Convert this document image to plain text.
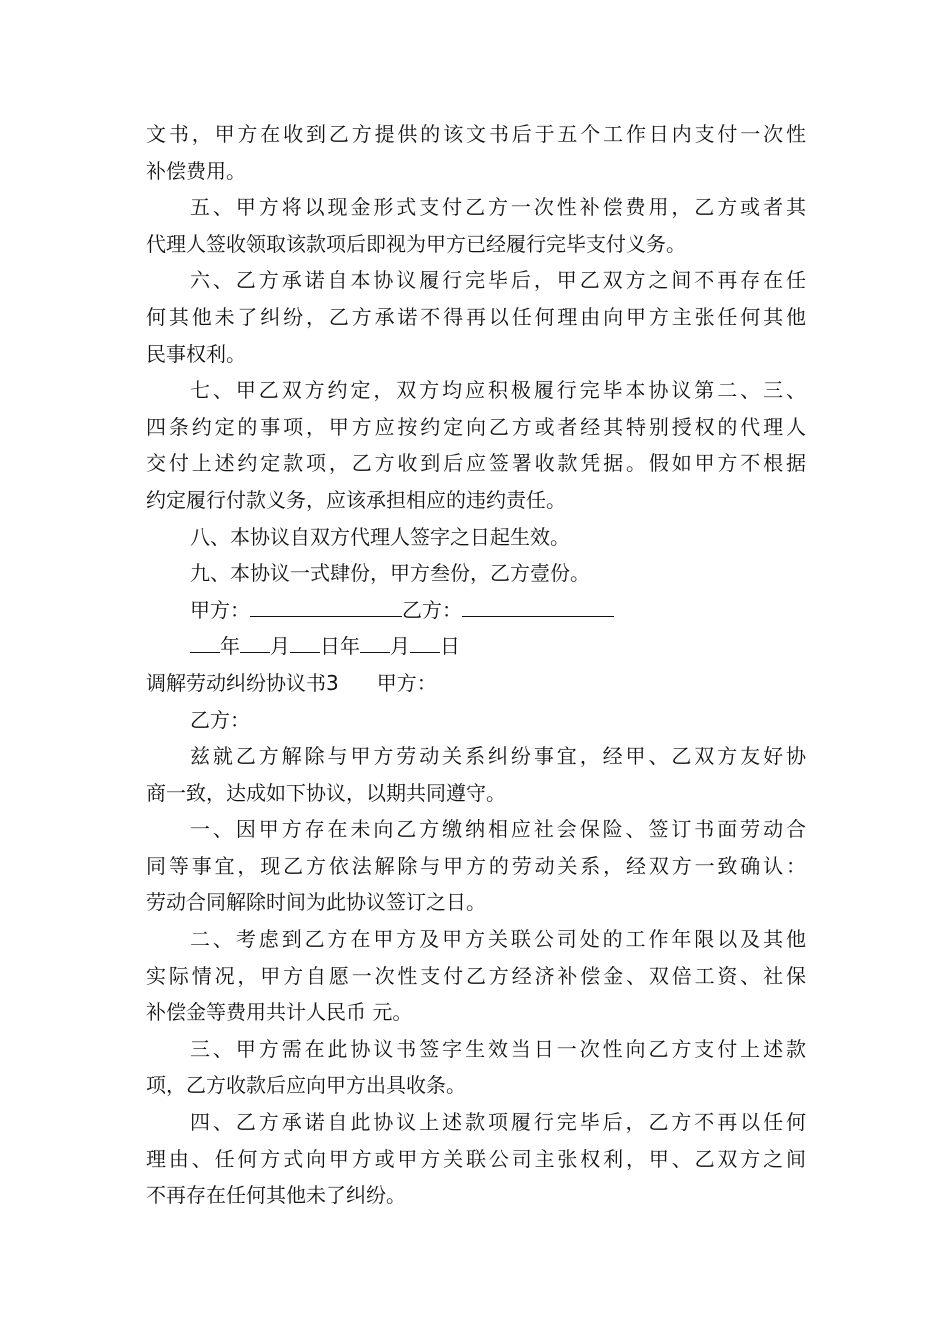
文书，甲方在收到乙方提供的该文书后于五个工作日内支付一次性
补偿费用。
五、甲方将以现金形式支付乙方一次性补偿费用，乙方或者其
代理人签收领取该款项后即视为甲方已经履行完毕支付义务。
六、乙方承诺自本协议履行完毕后，甲乙双方之间不再存在任
何其他未了纠纷，乙方承诺不得再以任何理由向甲方主张任何其他
民事权利。
七、甲乙双方约定，双方均应积极履行完毕本协议第二、三、
四条约定的事项，甲方应按约定向乙方或者经其特别授权的代理人
交付上述约定款项，乙方收到后应签署收款凭据。假如甲方不根据
约定履行付款义务，应该承担相应的违约责任。
八、本协议自双方代理人签字之日起生效。
九、本协议一式肆份，甲方叁份，乙方壹份。
甲方：	乙方：
年 月 日年 月 日
调解劳动纠纷协议书3 甲方：
乙方：
兹就乙方解除与甲方劳动关系纠纷事宜，经甲、乙双方友好协
商一致，达成如下协议，以期共同遵守。
一、因甲方存在未向乙方缴纳相应社会保险、签订书面劳动合
同等事宜，现乙方依法解除与甲方的劳动关系，经双方一致确认：
劳动合同解除时间为此协议签订之日。
二、考虑到乙方在甲方及甲方关联公司处的工作年限以及其他
实际情况，甲方自愿一次性支付乙方经济补偿金、双倍工资、社保
补偿金等费用共计人民币 元。
三、甲方需在此协议书签字生效当日一次性向乙方支付上述款
项，乙方收款后应向甲方出具收条。
四、乙方承诺自此协议上述款项履行完毕后，乙方不再以任何
理由、任何方式向甲方或甲方关联公司主张权利，甲、乙双方之间
不再存在任何其他未了纠纷。
